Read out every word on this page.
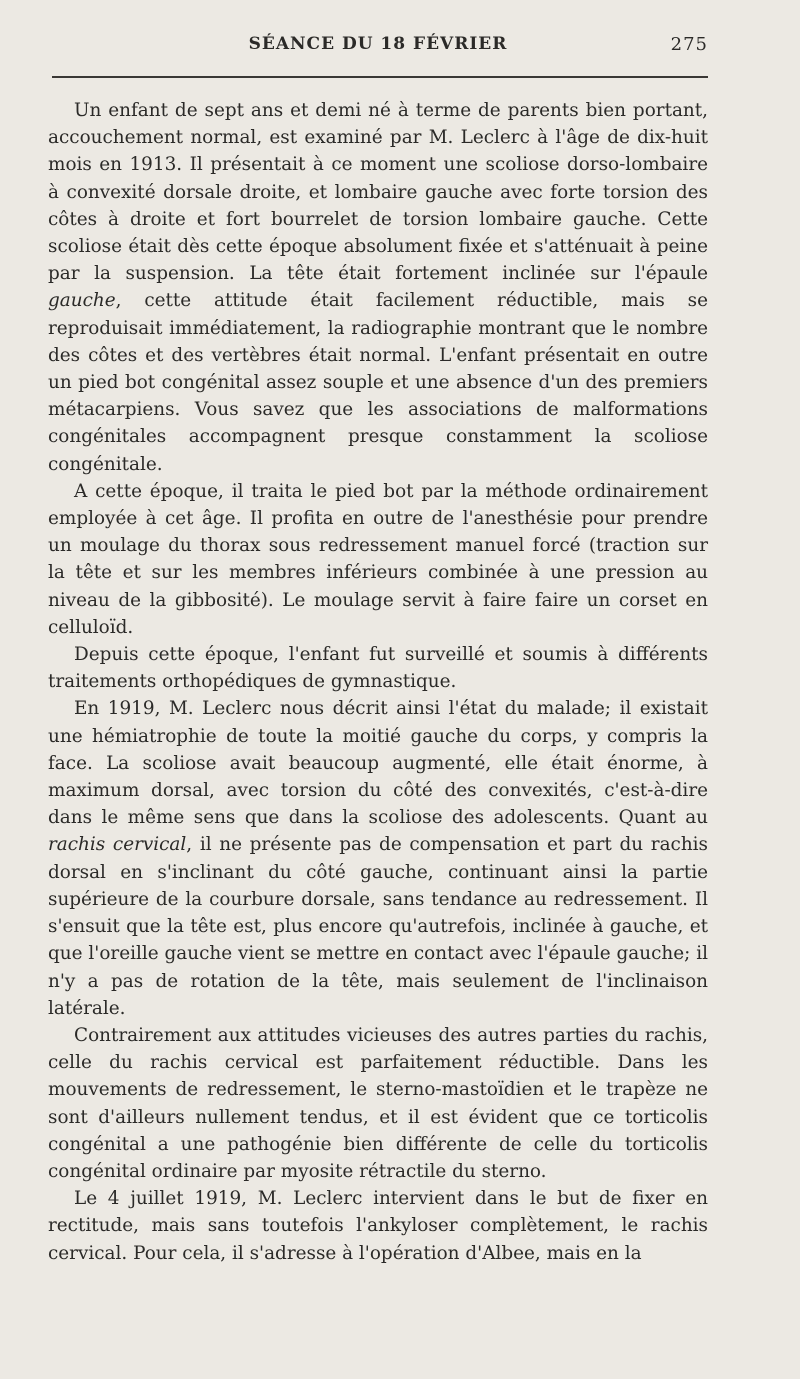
SÉANCE DU 18 FÉVRIER	275

Un enfant de sept ans et demi né à terme de parents bien portant, accouchement normal, est examiné par M. Leclerc à l'âge de dix-huit mois en 1913. Il présentait à ce moment une scoliose dorso-lombaire à convexité dorsale droite, et lombaire gauche avec forte torsion des côtes à droite et fort bourrelet de torsion lombaire gauche. Cette scoliose était dès cette époque absolument fixée et s'atténuait à peine par la suspension. La tête était fortement inclinée sur l'épaule gauche, cette attitude était facilement réductible, mais se reproduisait immédiatement, la radiographie montrant que le nombre des côtes et des vertèbres était normal. L'enfant présentait en outre un pied bot congénital assez souple et une absence d'un des premiers métacarpiens. Vous savez que les associations de malformations congénitales accompagnent presque constamment la scoliose congénitale.

A cette époque, il traita le pied bot par la méthode ordinairement employée à cet âge. Il profita en outre de l'anesthésie pour prendre un moulage du thorax sous redressement manuel forcé (traction sur la tête et sur les membres inférieurs combinée à une pression au niveau de la gibbosité). Le moulage servit à faire faire un corset en celluloïd.

Depuis cette époque, l'enfant fut surveillé et soumis à différents traitements orthopédiques de gymnastique.

En 1919, M. Leclerc nous décrit ainsi l'état du malade; il existait une hémiatrophie de toute la moitié gauche du corps, y compris la face. La scoliose avait beaucoup augmenté, elle était énorme, à maximum dorsal, avec torsion du côté des convexités, c'est-à-dire dans le même sens que dans la scoliose des adolescents. Quant au rachis cervical, il ne présente pas de compensation et part du rachis dorsal en s'inclinant du côté gauche, continuant ainsi la partie supérieure de la courbure dorsale, sans tendance au redressement. Il s'ensuit que la tête est, plus encore qu'autrefois, inclinée à gauche, et que l'oreille gauche vient se mettre en contact avec l'épaule gauche; il n'y a pas de rotation de la tête, mais seulement de l'inclinaison latérale.

Contrairement aux attitudes vicieuses des autres parties du rachis, celle du rachis cervical est parfaitement réductible. Dans les mouvements de redressement, le sterno-mastoïdien et le trapèze ne sont d'ailleurs nullement tendus, et il est évident que ce torticolis congénital a une pathogénie bien différente de celle du torticolis congénital ordinaire par myosite rétractile du sterno.

Le 4 juillet 1919, M. Leclerc intervient dans le but de fixer en rectitude, mais sans toutefois l'ankyloser complètement, le rachis cervical. Pour cela, il s'adresse à l'opération d'Albee, mais en la
